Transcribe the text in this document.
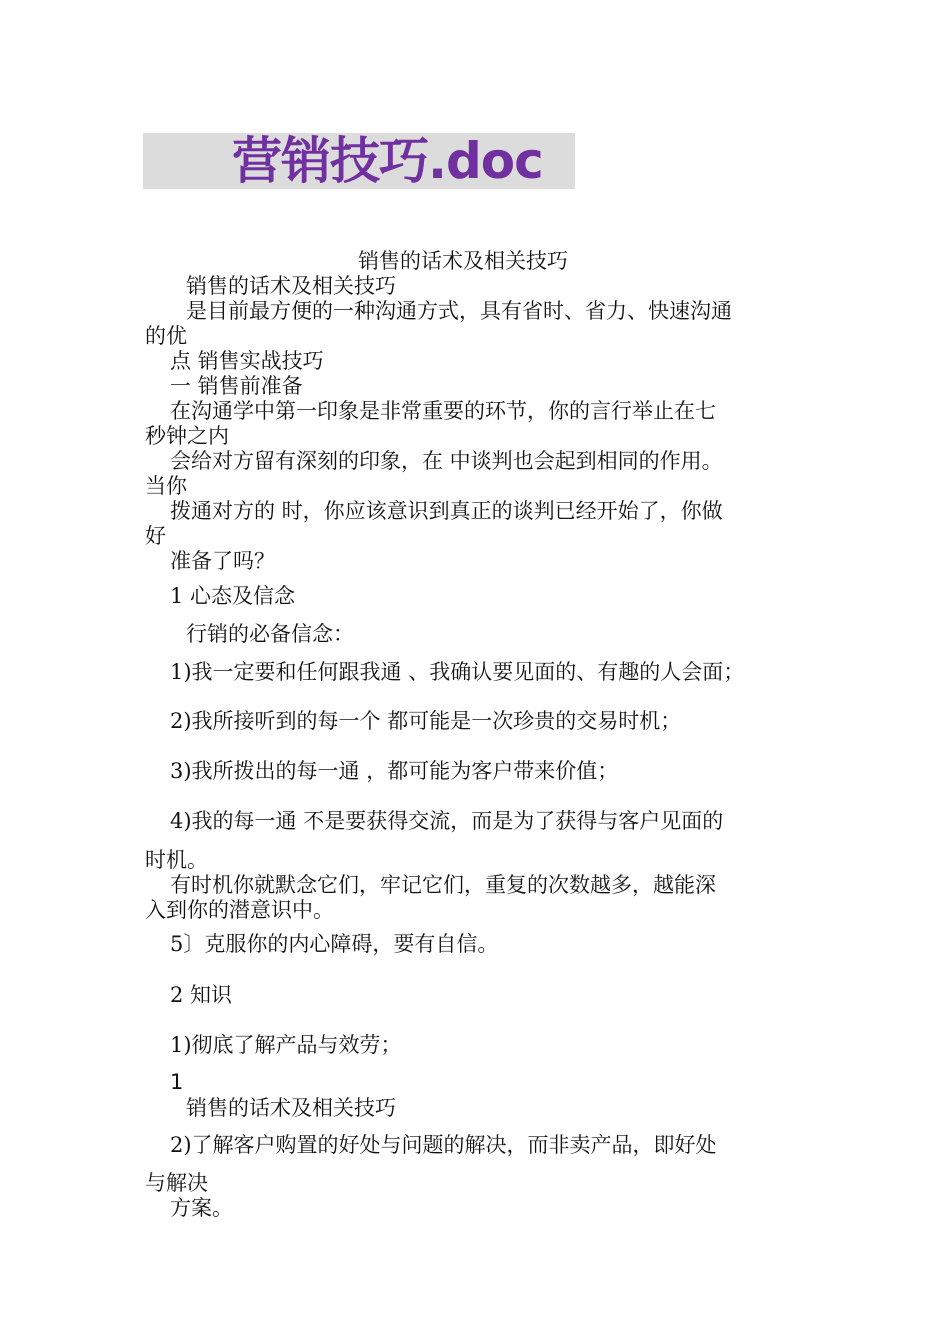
营销技巧.doc
销售的话术及相关技巧
销售的话术及相关技巧
是目前最方便的一种沟通方式，具有省时、省力、快速沟通
的优
点 销售实战技巧
一 销售前准备
在沟通学中第一印象是非常重要的环节，你的言行举止在七
秒钟之内
会给对方留有深刻的印象，在 中谈判也会起到相同的作用。
当你
拨通对方的 时，你应该意识到真正的谈判已经开始了，你做
好
准备了吗？
1 心态及信念
行销的必备信念：
1)我一定要和任何跟我通 、我确认要见面的、有趣的人会面；
2)我所接听到的每一个 都可能是一次珍贵的交易时机；
3)我所拨出的每一通 ，都可能为客户带来价值；
4)我的每一通 不是要获得交流，而是为了获得与客户见面的
时机。
有时机你就默念它们，牢记它们，重复的次数越多，越能深
入到你的潜意识中。
5〕克服你的内心障碍，要有自信。
2 知识
1)彻底了解产品与效劳；
1
销售的话术及相关技巧
2)了解客户购置的好处与问题的解决，而非卖产品，即好处
与解决
方案。
